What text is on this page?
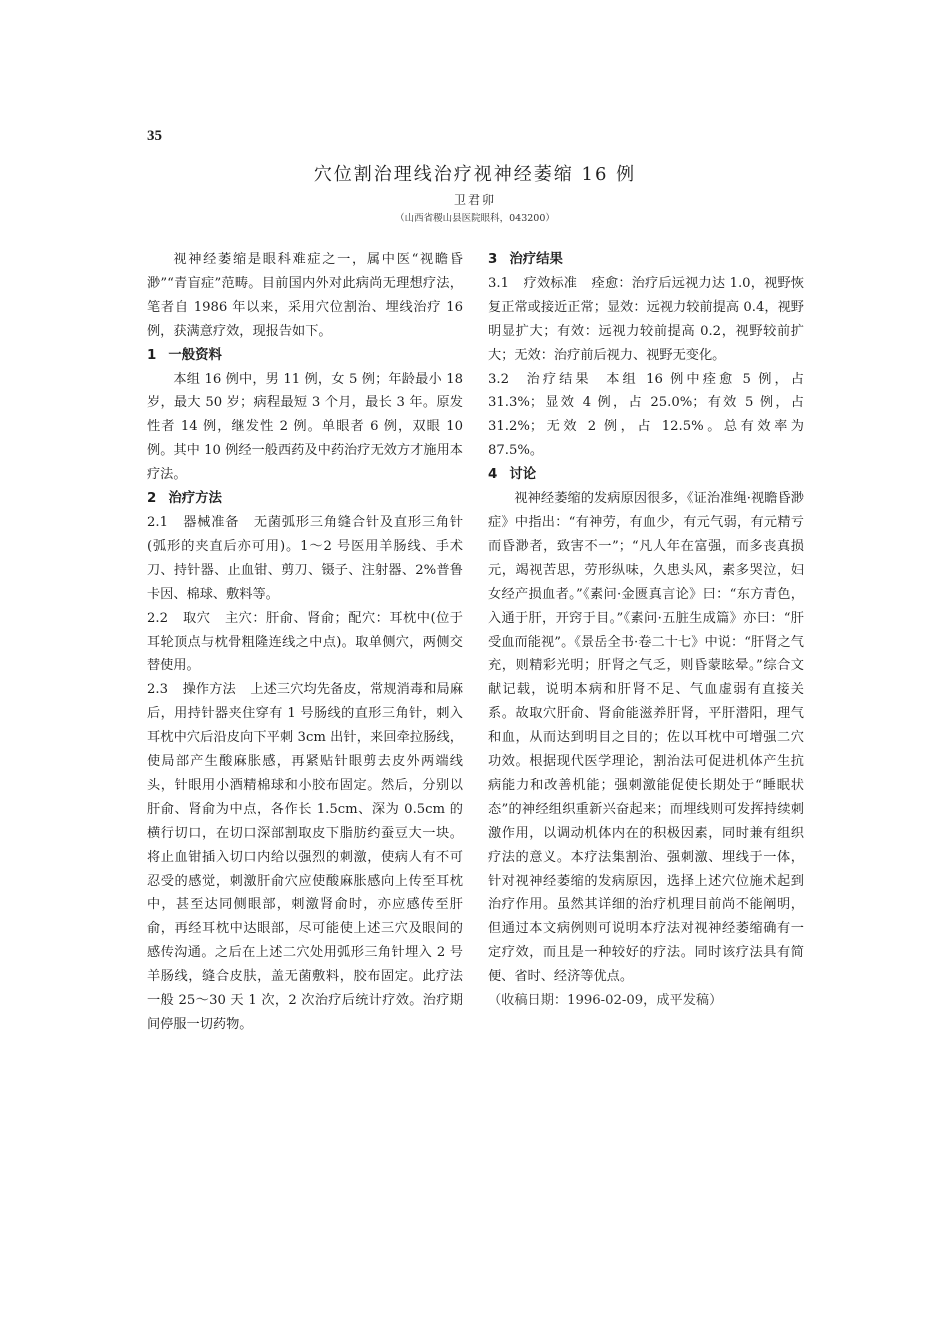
35
穴位割治理线治疗视神经萎缩 16 例
卫君卯
（山西省稷山县医院眼科，043200）

视神经萎缩是眼科难症之一，属中医“视瞻昏渺”“青盲症”范畴。目前国内外对此病尚无理想疗法，笔者自 1986 年以来，采用穴位割治、埋线治疗 16 例，获满意疗效，现报告如下。

1 一般资料

本组 16 例中，男 11 例，女 5 例；年龄最小 18 岁，最大 50 岁；病程最短 3 个月，最长 3 年。原发性者 14 例，继发性 2 例。单眼者 6 例，双眼 10 例。其中 10 例经一般西药及中药治疗无效方才施用本疗法。

2 治疗方法

2.1 器械准备 无菌弧形三角缝合针及直形三角针(弧形的夹直后亦可用)。1～2 号医用羊肠线、手术刀、持针器、止血钳、剪刀、镊子、注射器、2%普鲁卡因、棉球、敷料等。

2.2 取穴 主穴：肝俞、肾俞；配穴：耳枕中(位于耳轮顶点与枕骨粗隆连线之中点)。取单侧穴，两侧交替使用。

2.3 操作方法 上述三穴均先备皮，常规消毒和局麻后，用持针器夹住穿有 1 号肠线的直形三角针，刺入耳枕中穴后沿皮向下平刺 3cm 出针，来回牵拉肠线，使局部产生酸麻胀感，再紧贴针眼剪去皮外两端线头，针眼用小酒精棉球和小胶布固定。然后，分别以肝俞、肾俞为中点，各作长 1.5cm、深为 0.5cm 的横行切口，在切口深部割取皮下脂肪约蚕豆大一块。将止血钳插入切口内给以强烈的刺激，使病人有不可忍受的感觉，刺激肝俞穴应使酸麻胀感向上传至耳枕中，甚至达同侧眼部，刺激肾俞时，亦应感传至肝俞，再经耳枕中达眼部，尽可能使上述三穴及眼间的感传沟通。之后在上述二穴处用弧形三角针埋入 2 号羊肠线，缝合皮肤，盖无菌敷料，胶布固定。此疗法一般 25～30 天 1 次，2 次治疗后统计疗效。治疗期间停服一切药物。

3 治疗结果

3.1 疗效标准 痊愈：治疗后远视力达 1.0，视野恢复正常或接近正常；显效：远视力较前提高 0.4，视野明显扩大；有效：远视力较前提高 0.2，视野较前扩大；无效：治疗前后视力、视野无变化。

3.2 治疗结果 本组 16 例中痊愈 5 例，占 31.3%；显效 4 例，占 25.0%；有效 5 例，占 31.2%；无效 2 例，占 12.5%。总有效率为 87.5%。

4 讨论

视神经萎缩的发病原因很多，《证治准绳·视瞻昏渺症》中指出：“有神劳，有血少，有元气弱，有元精亏而昏渺者，致害不一”；“凡人年在富强，而多丧真损元，竭视苦思，劳形纵味，久患头风，素多哭泣，妇女经产损血者。”《素问·金匮真言论》曰：“东方青色，入通于肝，开窍于目。”《素问·五脏生成篇》亦曰：“肝受血而能视”。《景岳全书·卷二十七》中说：“肝肾之气充，则精彩光明；肝肾之气乏，则昏蒙眩晕。”综合文献记载，说明本病和肝肾不足、气血虚弱有直接关系。故取穴肝俞、肾俞能滋养肝肾，平肝潜阳，理气和血，从而达到明目之目的；佐以耳枕中可增强二穴功效。根据现代医学理论，割治法可促进机体产生抗病能力和改善机能；强刺激能促使长期处于“睡眠状态”的神经组织重新兴奋起来；而埋线则可发挥持续刺激作用，以调动机体内在的积极因素，同时兼有组织疗法的意义。本疗法集割治、强刺激、埋线于一体，针对视神经萎缩的发病原因，选择上述穴位施术起到治疗作用。虽然其详细的治疗机理目前尚不能阐明，但通过本文病例则可说明本疗法对视神经萎缩确有一定疗效，而且是一种较好的疗法。同时该疗法具有简便、省时、经济等优点。

（收稿日期：1996-02-09，成平发稿）
